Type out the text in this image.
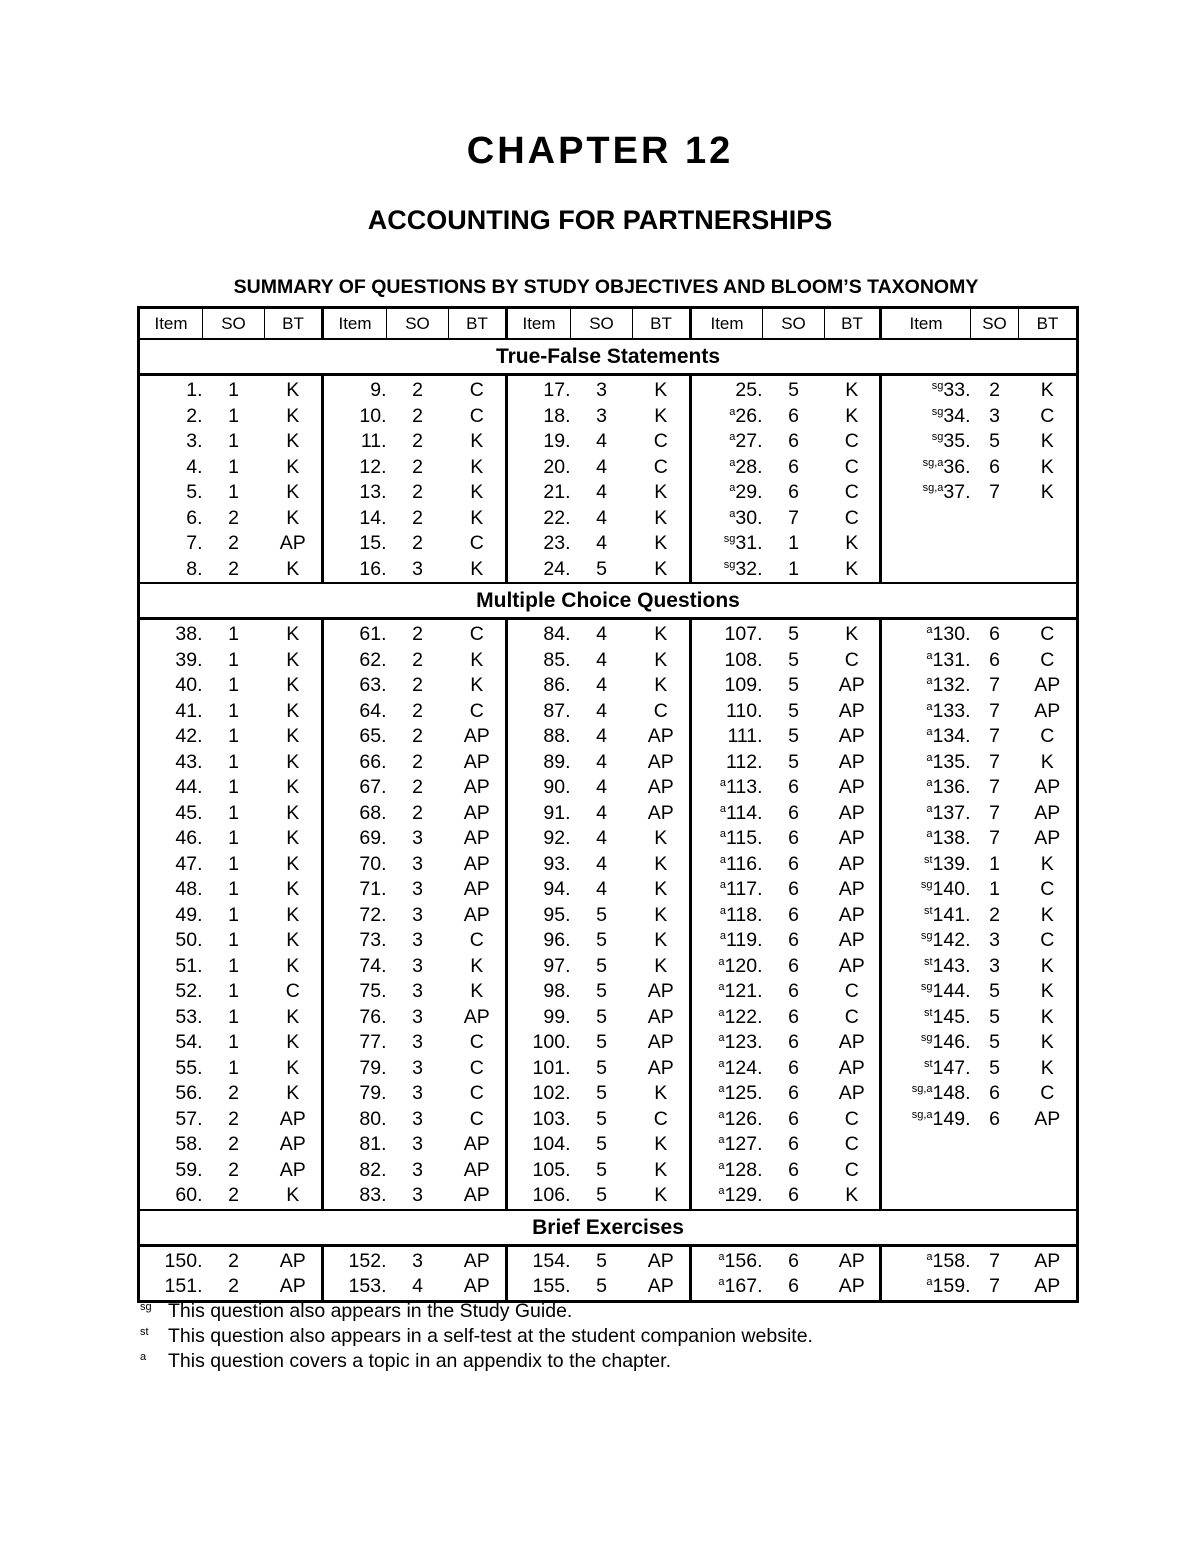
CHAPTER 12
ACCOUNTING FOR PARTNERSHIPS
SUMMARY OF QUESTIONS BY STUDY OBJECTIVES AND BLOOM’S TAXONOMY
Item	SO	BT	Item	SO	BT	Item	SO	BT	Item	SO	BT	Item	SO	BT
True-False Statements														
1.	1	K	9.	2	C	17.	3	K	25.	5	K	$^{sg}$33.	2	K
2.	1	K	10.	2	C	18.	3	K	$^a$26.	6	K	$^{sg}$34.	3	C
3.	1	K	11.	2	K	19.	4	C	$^a$27.	6	C	$^{sg}$35.	5	K
4.	1	K	12.	2	K	20.	4	C	$^a$28.	6	C	$^{sg,a}$36.	6	K
5.	1	K	13.	2	K	21.	4	K	$^a$29.	6	C	$^{sg,a}$37.	7	K
6.	2	K	14.	2	K	22.	4	K	$^a$30.	7	C			
7.	2	AP	15.	2	C	23.	4	K	$^{sg}$31.	1	K			
8.	2	K	16.	3	K	24.	5	K	$^{sg}$32.	1	K			
Multiple Choice Questions														
38.	1	K	61.	2	C	84.	4	K	107.	5	K	$^a$130.	6	C
39.	1	K	62.	2	K	85.	4	K	108.	5	C	$^a$131.	6	C
40.	1	K	63.	2	K	86.	4	K	109.	5	AP	$^a$132.	7	AP
41.	1	K	64.	2	C	87.	4	C	110.	5	AP	$^a$133.	7	AP
42.	1	K	65.	2	AP	88.	4	AP	111.	5	AP	$^a$134.	7	C
43.	1	K	66.	2	AP	89.	4	AP	112.	5	AP	$^a$135.	7	K
44.	1	K	67.	2	AP	90.	4	AP	$^a$113.	6	AP	$^a$136.	7	AP
45.	1	K	68.	2	AP	91.	4	AP	$^a$114.	6	AP	$^a$137.	7	AP
46.	1	K	69.	3	AP	92.	4	K	$^a$115.	6	AP	$^a$138.	7	AP
47.	1	K	70.	3	AP	93.	4	K	$^a$116.	6	AP	$^{st}$139.	1	K
48.	1	K	71.	3	AP	94.	4	K	$^a$117.	6	AP	$^{sg}$140.	1	C
49.	1	K	72.	3	AP	95.	5	K	$^a$118.	6	AP	$^{st}$141.	2	K
50.	1	K	73.	3	C	96.	5	K	$^a$119.	6	AP	$^{sg}$142.	3	C
51.	1	K	74.	3	K	97.	5	K	$^a$120.	6	AP	$^{st}$143.	3	K
52.	1	C	75.	3	K	98.	5	AP	$^a$121.	6	C	$^{sg}$144.	5	K
53.	1	K	76.	3	AP	99.	5	AP	$^a$122.	6	C	$^{st}$145.	5	K
54.	1	K	77.	3	C	100.	5	AP	$^a$123.	6	AP	$^{sg}$146.	5	K
55.	1	K	79.	3	C	101.	5	AP	$^a$124.	6	AP	$^{st}$147.	5	K
56.	2	K	79.	3	C	102.	5	K	$^a$125.	6	AP	$^{sg,a}$148.	6	C
57.	2	AP	80.	3	C	103.	5	C	$^a$126.	6	C	$^{sg,a}$149.	6	AP
58.	2	AP	81.	3	AP	104.	5	K	$^a$127.	6	C			
59.	2	AP	82.	3	AP	105.	5	K	$^a$128.	6	C			
60.	2	K	83.	3	AP	106.	5	K	$^a$129.	6	K			
Brief Exercises														
150.	2	AP	152.	3	AP	154.	5	AP	$^a$156.	6	AP	$^a$158.	7	AP
151.	2	AP	153.	4	AP	155.	5	AP	$^a$167.	6	AP	$^a$159.	7	AP
sg This question also appears in the Study Guide.
st This question also appears in a self-test at the student companion website.
a This question covers a topic in an appendix to the chapter.
